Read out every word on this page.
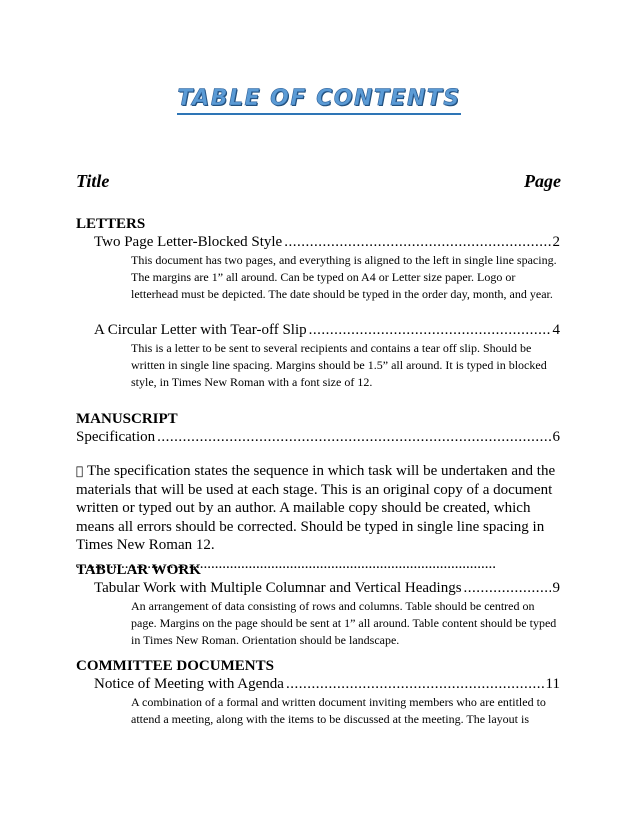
TABLE OF CONTENTS
Title	Page
LETTERS
Two Page Letter-Blocked Style .....	2
This document has two pages, and everything is aligned to the left in single line spacing. The margins are 1” all around. Can be typed on A4 or Letter size paper. Logo or letterhead must be depicted. The date should be typed in the order day, month, and year.
A Circular Letter with Tear-off Slip .....	4
This is a letter to be sent to several recipients and contains a tear off slip. Should be written in single line spacing. Margins should be 1.5” all around. It is typed in blocked style, in Times New Roman with a font size of 12.
MANUSCRIPT
Specification .....	6
The specification states the sequence in which task will be undertaken and the materials that will be used at each stage. This is an original copy of a document written or typed out by an author. A mailable copy should be created, which means all errors should be corrected. Should be typed in single line spacing in Times New Roman 12......
TABULAR WORK
Tabular Work with Multiple Columnar and Vertical Headings .....	9
An arrangement of data consisting of rows and columns. Table should be centred on page. Margins on the page should be sent at 1” all around. Table content should be typed in Times New Roman. Orientation should be landscape.
COMMITTEE DOCUMENTS
Notice of Meeting with Agenda .....	11
A combination of a formal and written document inviting members who are entitled to attend a meeting, along with the items to be discussed at the meeting. The layout is
